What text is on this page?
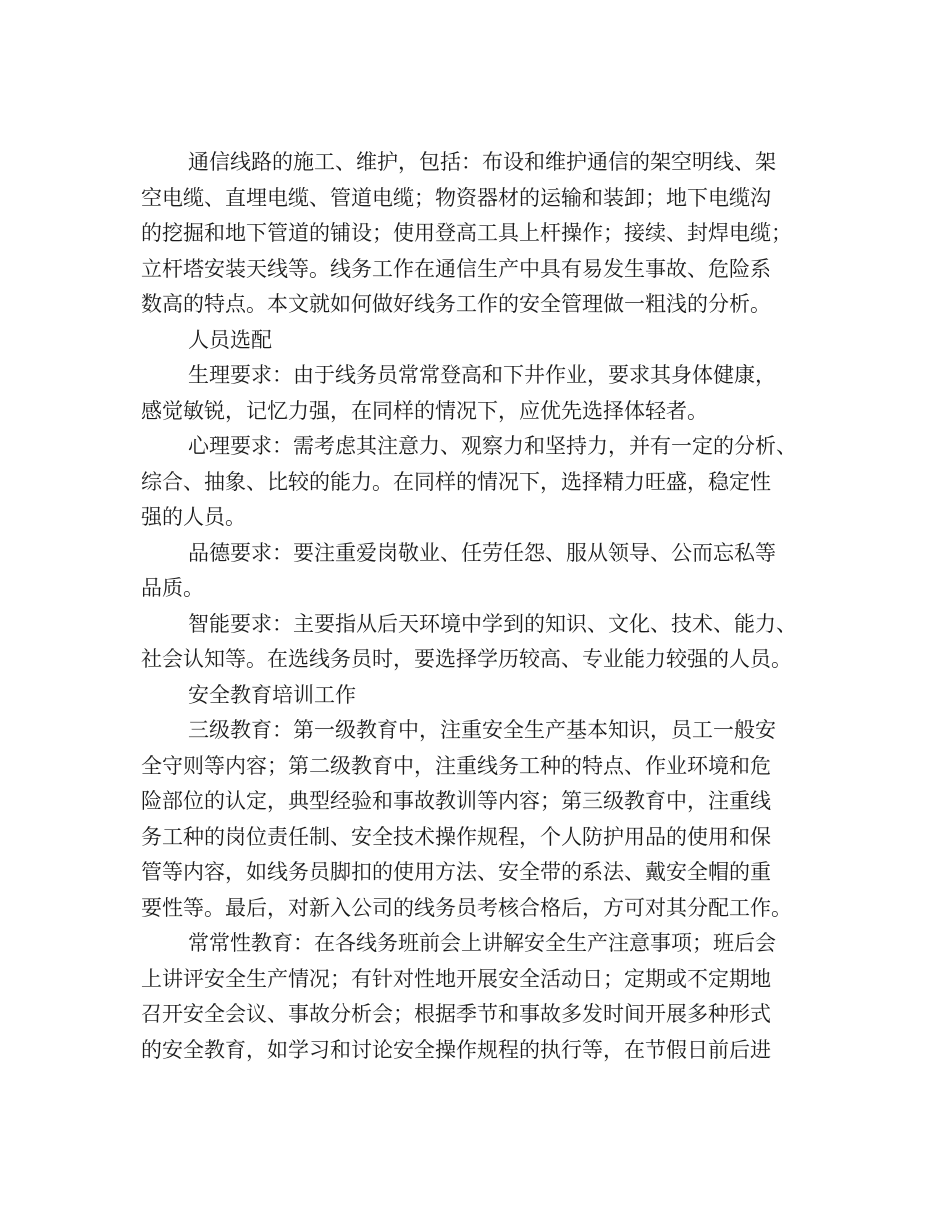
通信线路的施工、维护，包括：布设和维护通信的架空明线、架
空电缆、直埋电缆、管道电缆；物资器材的运输和装卸；地下电缆沟
的挖掘和地下管道的铺设；使用登高工具上杆操作；接续、封焊电缆；
立杆塔安装天线等。线务工作在通信生产中具有易发生事故、危险系
数高的特点。本文就如何做好线务工作的安全管理做一粗浅的分析。
人员选配
生理要求：由于线务员常常登高和下井作业，要求其身体健康，
感觉敏锐，记忆力强，在同样的情况下，应优先选择体轻者。
心理要求：需考虑其注意力、观察力和坚持力，并有一定的分析、
综合、抽象、比较的能力。在同样的情况下，选择精力旺盛，稳定性
强的人员。
品德要求：要注重爱岗敬业、任劳任怨、服从领导、公而忘私等
品质。
智能要求：主要指从后天环境中学到的知识、文化、技术、能力、
社会认知等。在选线务员时，要选择学历较高、专业能力较强的人员。
安全教育培训工作
三级教育：第一级教育中，注重安全生产基本知识，员工一般安
全守则等内容；第二级教育中，注重线务工种的特点、作业环境和危
险部位的认定，典型经验和事故教训等内容；第三级教育中，注重线
务工种的岗位责任制、安全技术操作规程，个人防护用品的使用和保
管等内容，如线务员脚扣的使用方法、安全带的系法、戴安全帽的重
要性等。最后，对新入公司的线务员考核合格后，方可对其分配工作。
常常性教育：在各线务班前会上讲解安全生产注意事项；班后会
上讲评安全生产情况；有针对性地开展安全活动日；定期或不定期地
召开安全会议、事故分析会；根据季节和事故多发时间开展多种形式
的安全教育，如学习和讨论安全操作规程的执行等，在节假日前后进
